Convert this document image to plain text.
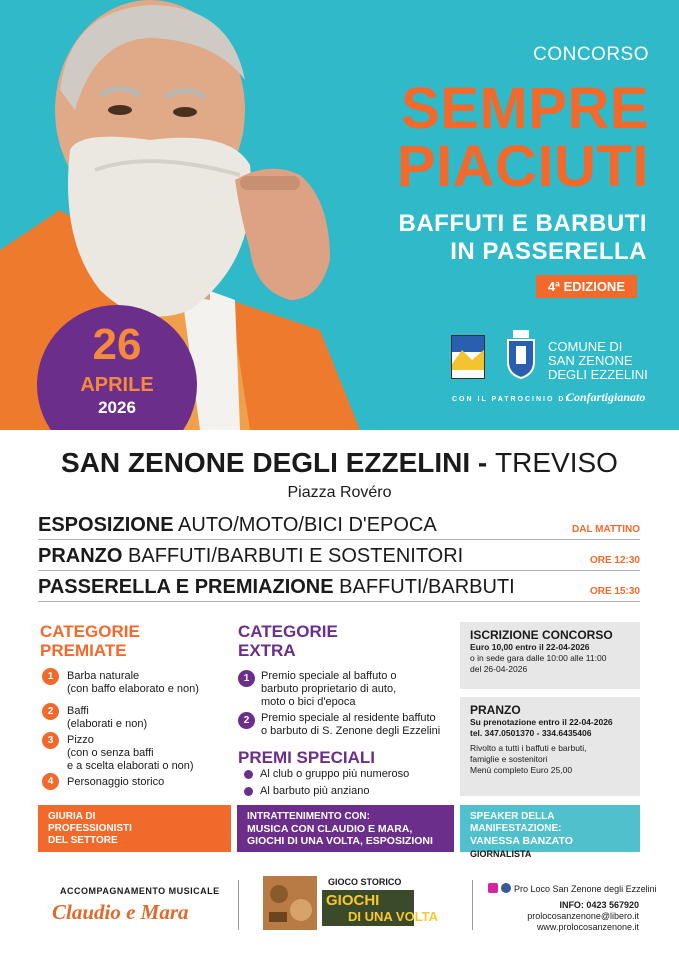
CONCORSO
SEMPRE
PIACIUTI
BAFFUTI E BARBUTI
IN PASSERELLA
4ª EDIZIONE
26
APRILE
2026
COMUNE DI
SAN ZENONE
DEGLI EZZELINI
CON IL PATROCINIO DI
Confartigianato
SAN ZENONE DEGLI EZZELINI - TREVISO
Piazza Rovéro
ESPOSIZIONE AUTO/MOTO/BICI D'EPOCA	DAL MATTINO
PRANZO BAFFUTI/BARBUTI E SOSTENITORI	ORE 12:30
PASSERELLA E PREMIAZIONE BAFFUTI/BARBUTI	ORE 15:30
CATEGORIE
PREMIATE
1	Barba naturale
(con baffo elaborato e non)
2	Baffi
(elaborati e non)
3	Pizzo
(con o senza baffi
e a scelta elaborati o non)
4	Personaggio storico
CATEGORIE
EXTRA
1	Premio speciale al baffuto o
barbuto proprietario di auto,
moto o bici d'epoca
2	Premio speciale al residente baffuto
o barbuto di S. Zenone degli Ezzelini
PREMI SPECIALI
Al club o gruppo più numeroso
Al barbuto più anziano
ISCRIZIONE CONCORSO
Euro 10,00 entro il 22-04-2026
o in sede gara dalle 10:00 alle 11:00
del 26-04-2026
PRANZO
Su prenotazione entro il 22-04-2026
tel. 347.0501370 - 334.6435406
Rivolto a tutti i baffuti e barbuti,
famiglie e sostenitori
Menù completo Euro 25,00
GIURIA DI
PROFESSIONISTI
DEL SETTORE
INTRATTENIMENTO CON:
MUSICA CON CLAUDIO E MARA,
GIOCHI DI UNA VOLTA, ESPOSIZIONI
SPEAKER DELLA
MANIFESTAZIONE:
VANESSA BANZATO GIORNALISTA
ACCOMPAGNAMENTO MUSICALE
Claudio e Mara
GIOCO STORICO
GIOCHI
DI UNA VOLTA
Pro Loco San Zenone degli Ezzelini
INFO: 0423 567920
prolocosanzenone@libero.it
www.prolocosanzenone.it
